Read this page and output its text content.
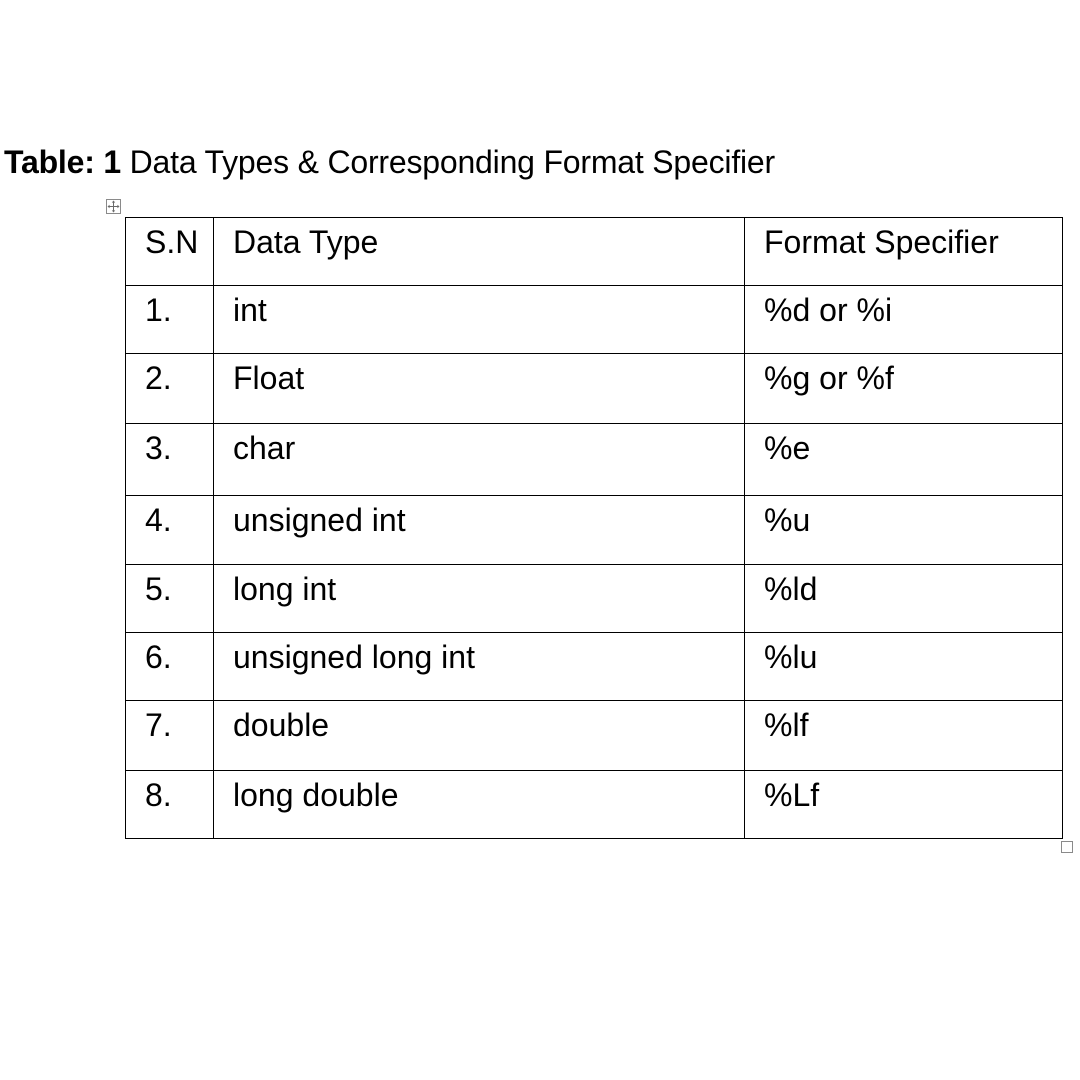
Table: 1 Data Types & Corresponding Format Specifier
S.N	Data Type	Format Specifier
1.	int	%d or %i
2.	Float	%g or %f
3.	char	%e
4.	unsigned int	%u
5.	long int	%ld
6.	unsigned long int	%lu
7.	double	%lf
8.	long double	%Lf
